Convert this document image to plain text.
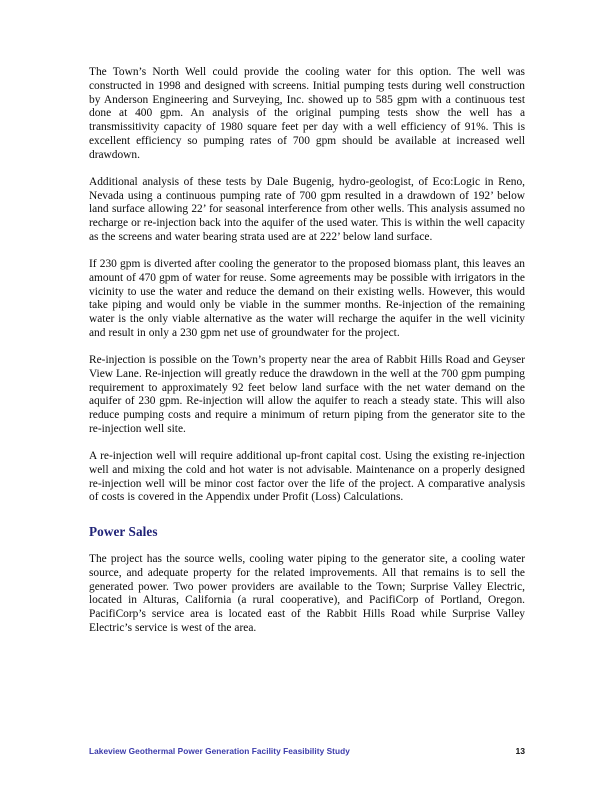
The Town’s North Well could provide the cooling water for this option. The well was constructed in 1998 and designed with screens. Initial pumping tests during well construction by Anderson Engineering and Surveying, Inc. showed up to 585 gpm with a continuous test done at 400 gpm. An analysis of the original pumping tests show the well has a transmissitivity capacity of 1980 square feet per day with a well efficiency of 91%. This is excellent efficiency so pumping rates of 700 gpm should be available at increased well drawdown.

Additional analysis of these tests by Dale Bugenig, hydro-geologist, of Eco:Logic in Reno, Nevada using a continuous pumping rate of 700 gpm resulted in a drawdown of 192’ below land surface allowing 22’ for seasonal interference from other wells. This analysis assumed no recharge or re-injection back into the aquifer of the used water. This is within the well capacity as the screens and water bearing strata used are at 222’ below land surface.

If 230 gpm is diverted after cooling the generator to the proposed biomass plant, this leaves an amount of 470 gpm of water for reuse. Some agreements may be possible with irrigators in the vicinity to use the water and reduce the demand on their existing wells. However, this would take piping and would only be viable in the summer months. Re-injection of the remaining water is the only viable alternative as the water will recharge the aquifer in the well vicinity and result in only a 230 gpm net use of groundwater for the project.

Re-injection is possible on the Town’s property near the area of Rabbit Hills Road and Geyser View Lane. Re-injection will greatly reduce the drawdown in the well at the 700 gpm pumping requirement to approximately 92 feet below land surface with the net water demand on the aquifer of 230 gpm. Re-injection will allow the aquifer to reach a steady state. This will also reduce pumping costs and require a minimum of return piping from the generator site to the re-injection well site.

A re-injection well will require additional up-front capital cost. Using the existing re-injection well and mixing the cold and hot water is not advisable. Maintenance on a properly designed re-injection well will be minor cost factor over the life of the project. A comparative analysis of costs is covered in the Appendix under Profit (Loss) Calculations.

Power Sales

The project has the source wells, cooling water piping to the generator site, a cooling water source, and adequate property for the related improvements. All that remains is to sell the generated power. Two power providers are available to the Town; Surprise Valley Electric, located in Alturas, California (a rural cooperative), and PacifiCorp of Portland, Oregon. PacifiCorp’s service area is located east of the Rabbit Hills Road while Surprise Valley Electric’s service is west of the area.

Lakeview Geothermal Power Generation Facility Feasibility Study	13
